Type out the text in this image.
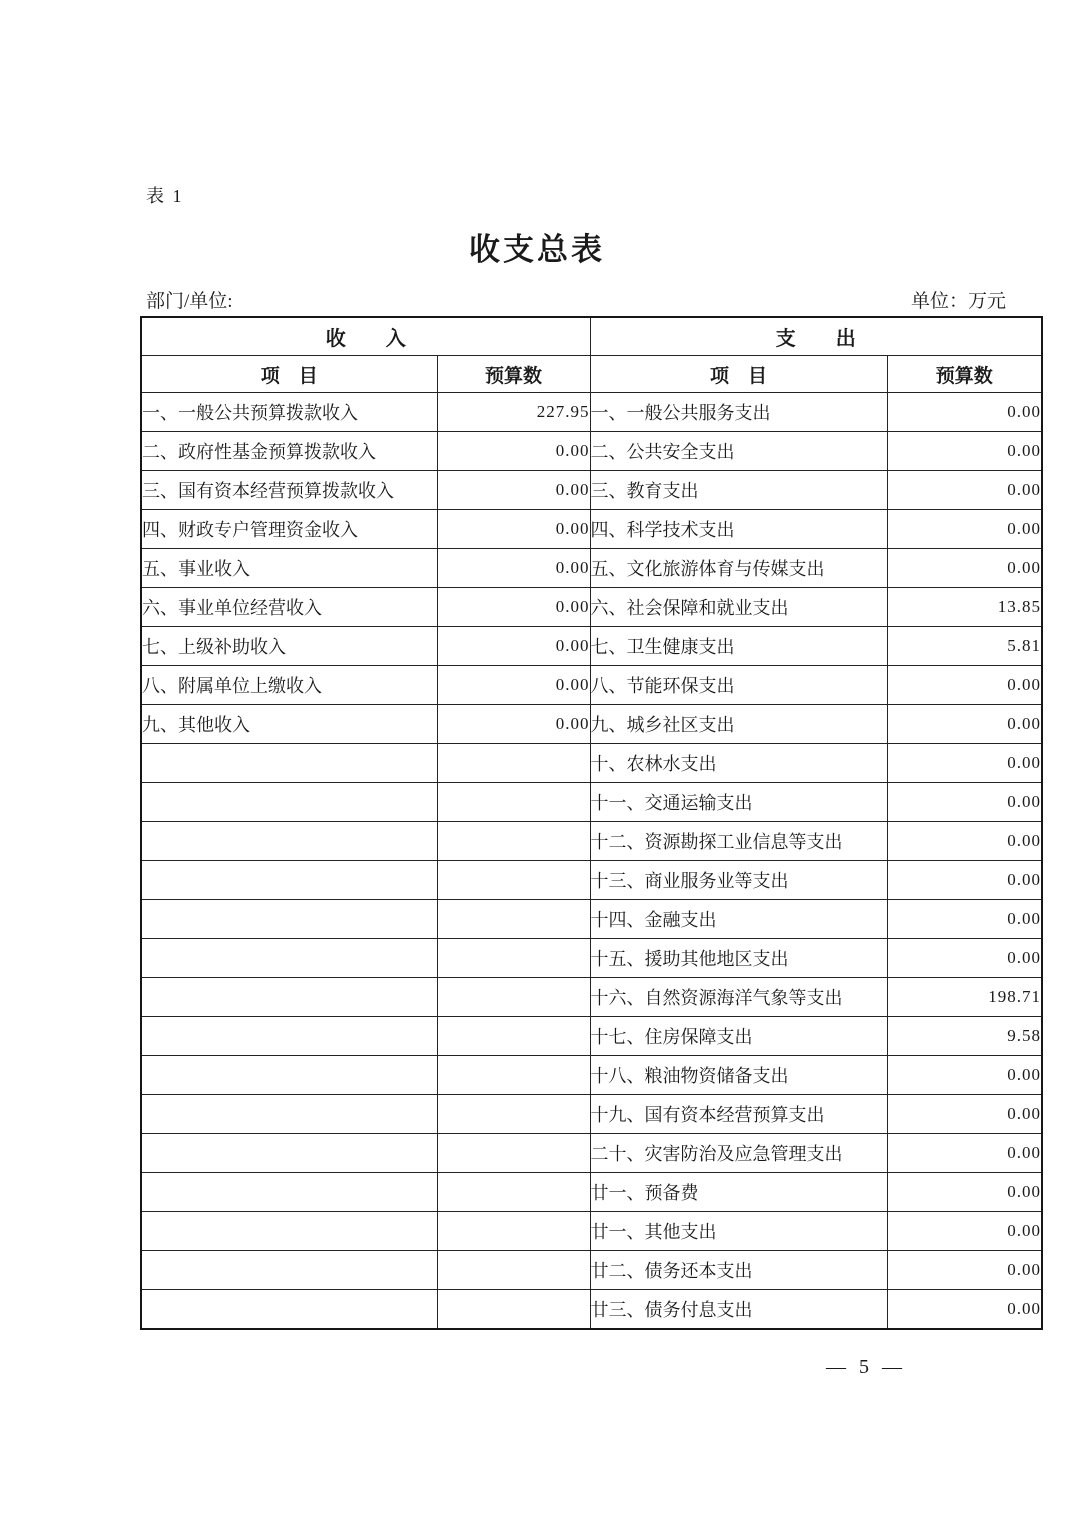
表 1
收支总表
部门/单位:	单位：万元
收　　入		支　　出	
项　目	预算数	项　目	预算数
一、一般公共预算拨款收入	227.95	一、一般公共服务支出	0.00
二、政府性基金预算拨款收入	0.00	二、公共安全支出	0.00
三、国有资本经营预算拨款收入	0.00	三、教育支出	0.00
四、财政专户管理资金收入	0.00	四、科学技术支出	0.00
五、事业收入	0.00	五、文化旅游体育与传媒支出	0.00
六、事业单位经营收入	0.00	六、社会保障和就业支出	13.85
七、上级补助收入	0.00	七、卫生健康支出	5.81
八、附属单位上缴收入	0.00	八、节能环保支出	0.00
九、其他收入	0.00	九、城乡社区支出	0.00
		十、农林水支出	0.00
		十一、交通运输支出	0.00
		十二、资源勘探工业信息等支出	0.00
		十三、商业服务业等支出	0.00
		十四、金融支出	0.00
		十五、援助其他地区支出	0.00
		十六、自然资源海洋气象等支出	198.71
		十七、住房保障支出	9.58
		十八、粮油物资储备支出	0.00
		十九、国有资本经营预算支出	0.00
		二十、灾害防治及应急管理支出	0.00
		廿一、预备费	0.00
		廿一、其他支出	0.00
		廿二、债务还本支出	0.00
		廿三、债务付息支出	0.00
— 5 —
